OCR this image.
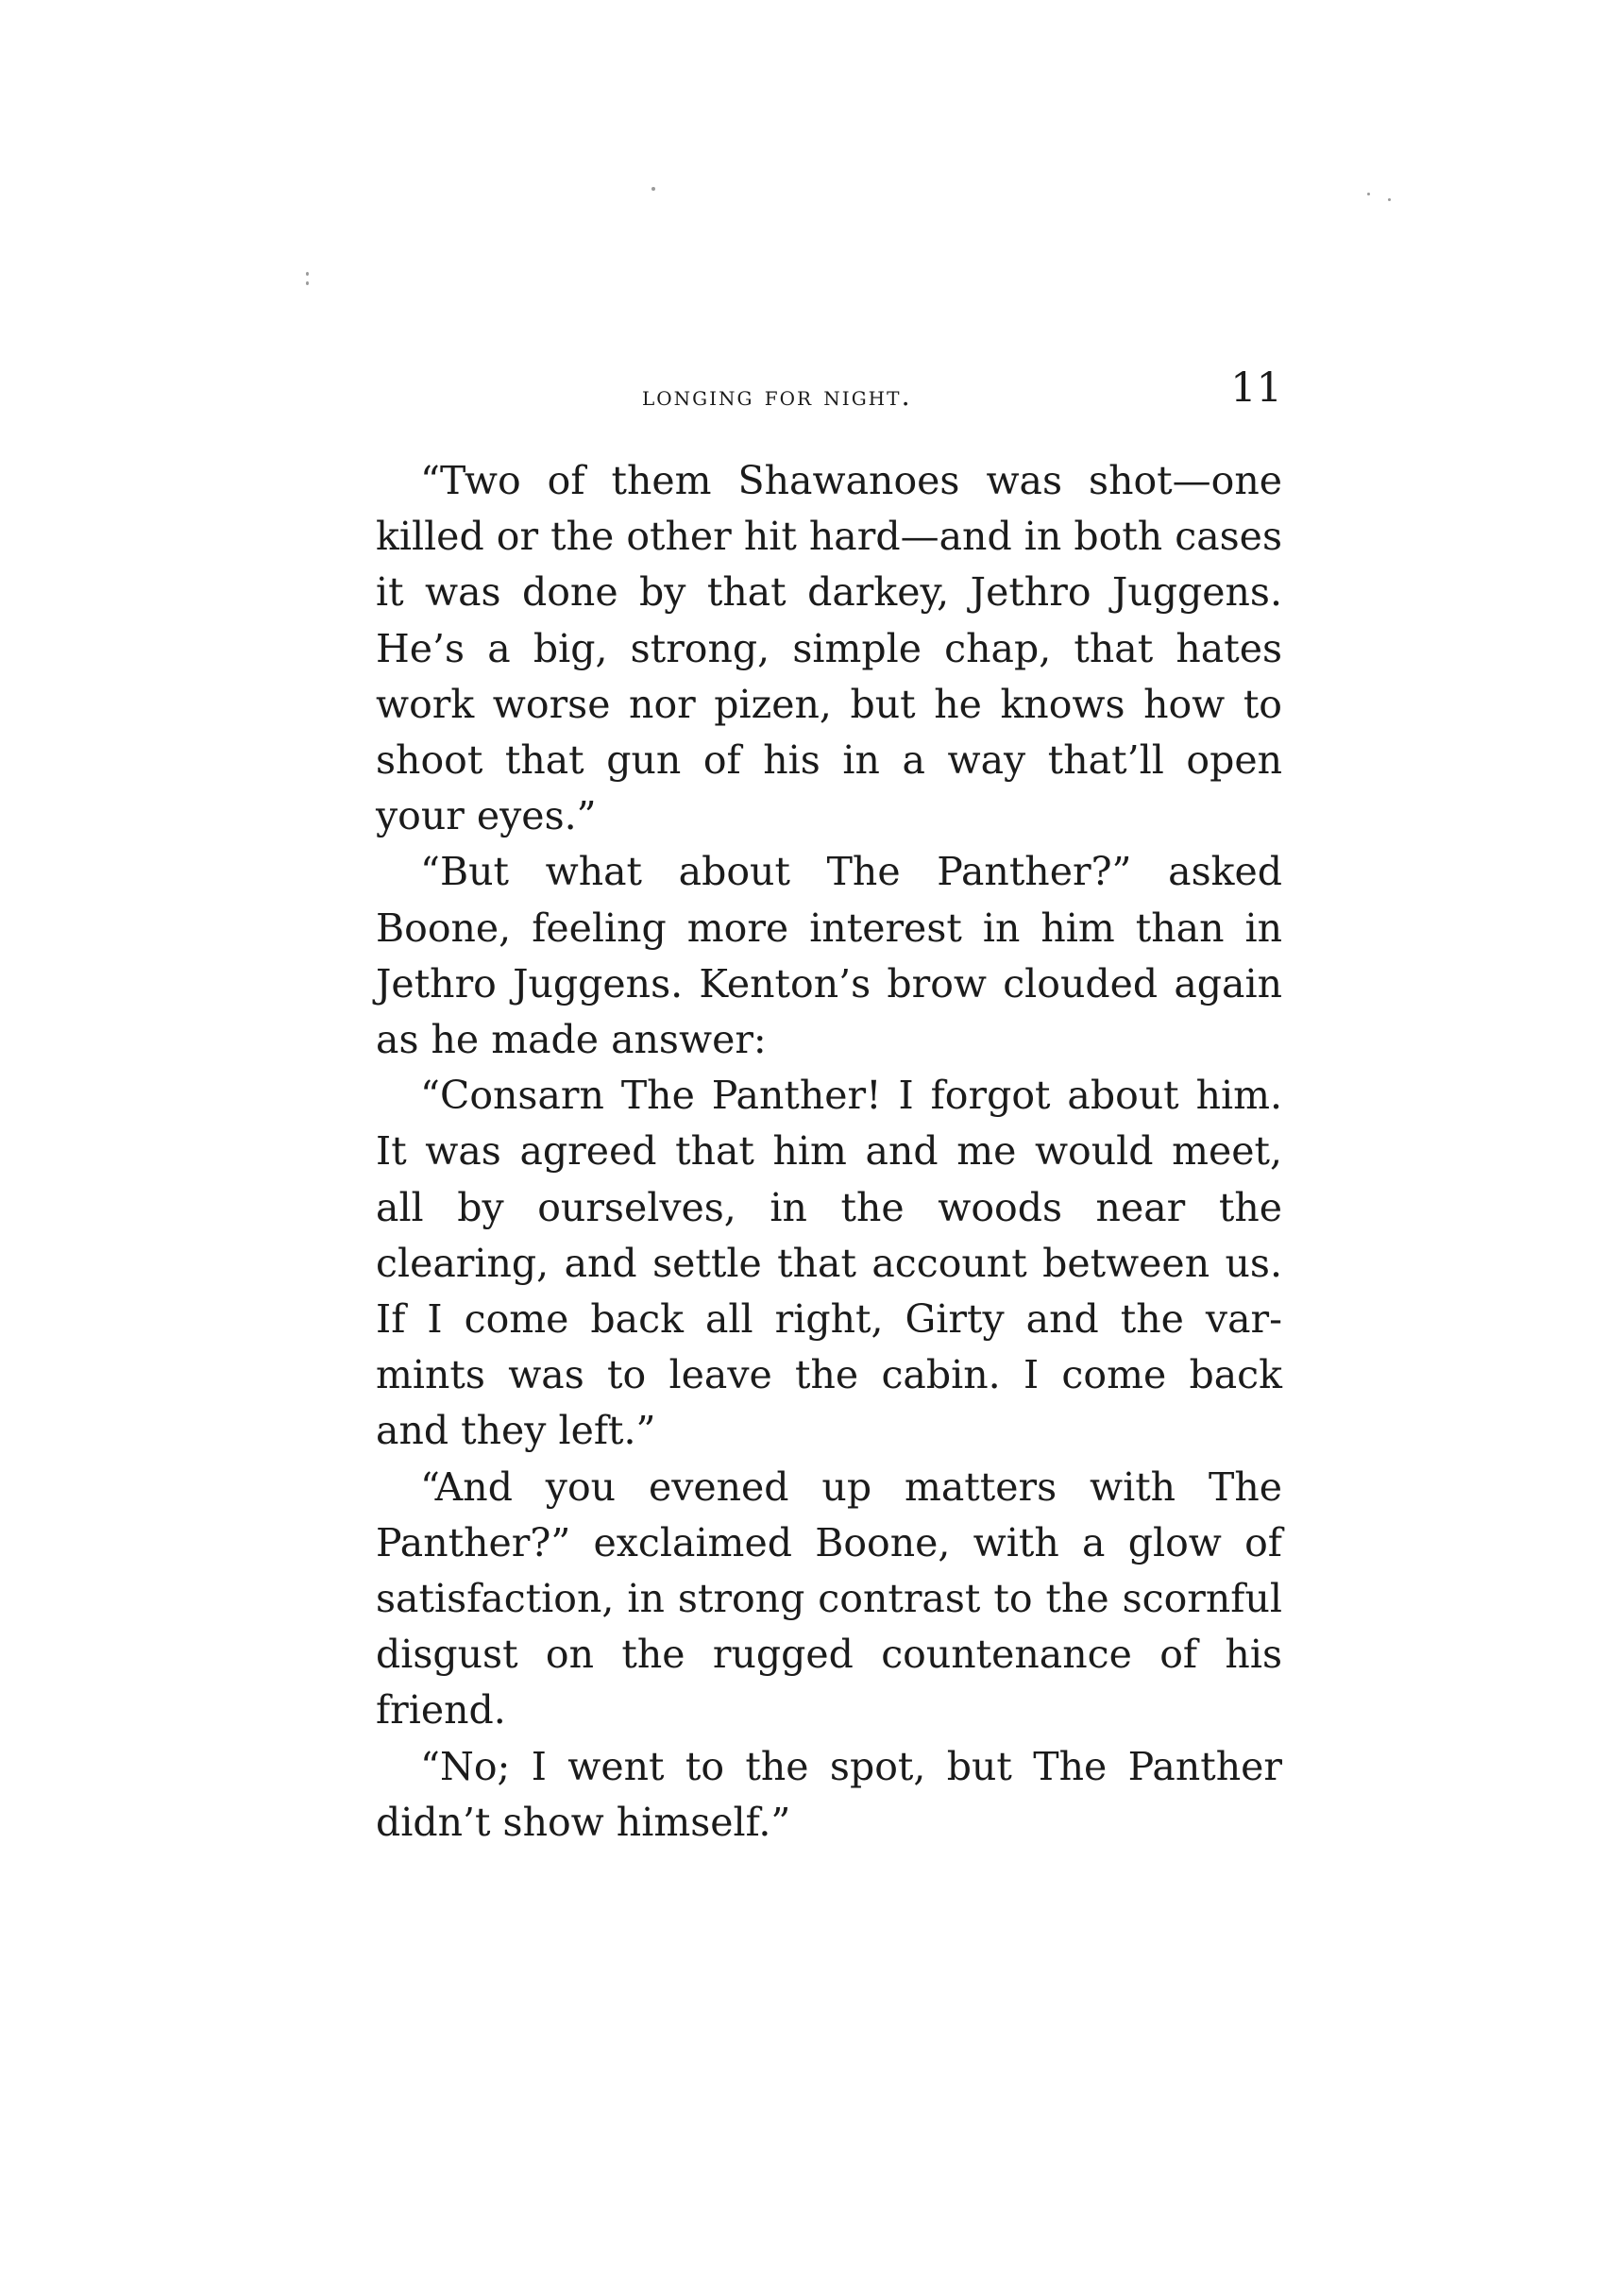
longing for night.	11

“Two of them Shawanoes was shot—one killed or the other hit hard—and in both cases it was done by that darkey, Jethro Juggens. He’s a big, strong, simple chap, that hates work worse nor pizen, but he knows how to shoot that gun of his in a way that’ll open your eyes.”

“But what about The Panther?” asked Boone, feeling more interest in him than in Jethro Juggens. Kenton’s brow clouded again as he made answer:

“Consarn The Panther! I forgot about him. It was agreed that him and me would meet, all by ourselves, in the woods near the clearing, and settle that account between us. If I come back all right, Girty and the var-mints was to leave the cabin. I come back and they left.”

“And you evened up matters with The Panther?” exclaimed Boone, with a glow of satisfaction, in strong contrast to the scornful disgust on the rugged countenance of his friend.

“No; I went to the spot, but The Panther didn’t show himself.”
